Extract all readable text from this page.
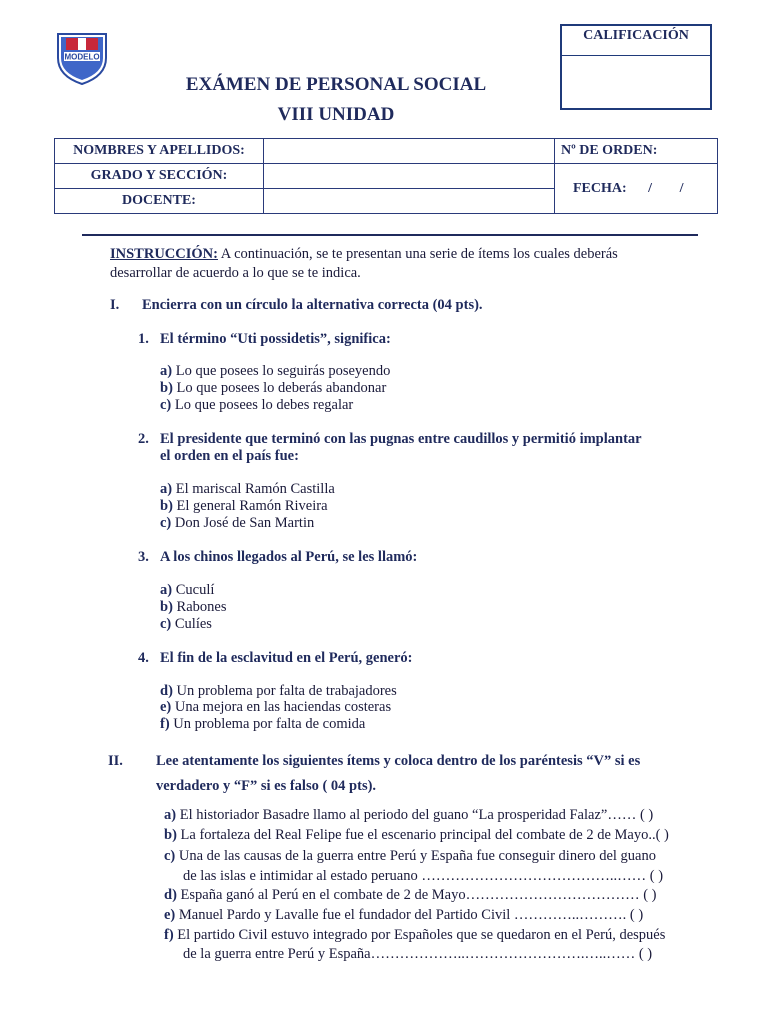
MODELO
CALIFICACIÓN
EXÁMEN DE PERSONAL SOCIAL
VIII UNIDAD
NOMBRES Y APELLIDOS:		Nº DE ORDEN:
GRADO Y SECCIÓN:		FECHA: / /
DOCENTE:		
INSTRUCCIÓN: A continuación, se te presentan una serie de ítems los cuales deberás
desarrollar de acuerdo a lo que se te indica.
I. Encierra con un círculo la alternativa correcta (04 pts).
1. El término “Uti possidetis”, significa:
a) Lo que posees lo seguirás poseyendo
b) Lo que posees lo deberás abandonar
c) Lo que posees lo debes regalar
2. El presidente que terminó con las pugnas entre caudillos y permitió implantar
el orden en el país fue:
a) El mariscal Ramón Castilla
b) El general Ramón Riveira
c) Don José de San Martin
3. A los chinos llegados al Perú, se les llamó:
a) Cuculí
b) Rabones
c) Culíes
4. El fin de la esclavitud en el Perú, generó:
d) Un problema por falta de trabajadores
e) Una mejora en las haciendas costeras
f) Un problema por falta de comida
II. Lee atentamente los siguientes ítems y coloca dentro de los paréntesis “V” si es
verdadero y “F” si es falso ( 04 pts).
a) El historiador Basadre llamo al periodo del guano “La prosperidad Falaz”…… ( )
b) La fortaleza del Real Felipe fue el escenario principal del combate de 2 de Mayo..( )
c) Una de las causas de la guerra entre Perú y España fue conseguir dinero del guano
de las islas e intimidar al estado peruano …………………………………..…… ( )
d) España ganó al Perú en el combate de 2 de Mayo……………………………… ( )
e) Manuel Pardo y Lavalle fue el fundador del Partido Civil …………..………. ( )
f) El partido Civil estuvo integrado por Españoles que se quedaron en el Perú, después
de la guerra entre Perú y España………………..…………………….…..…… ( )
